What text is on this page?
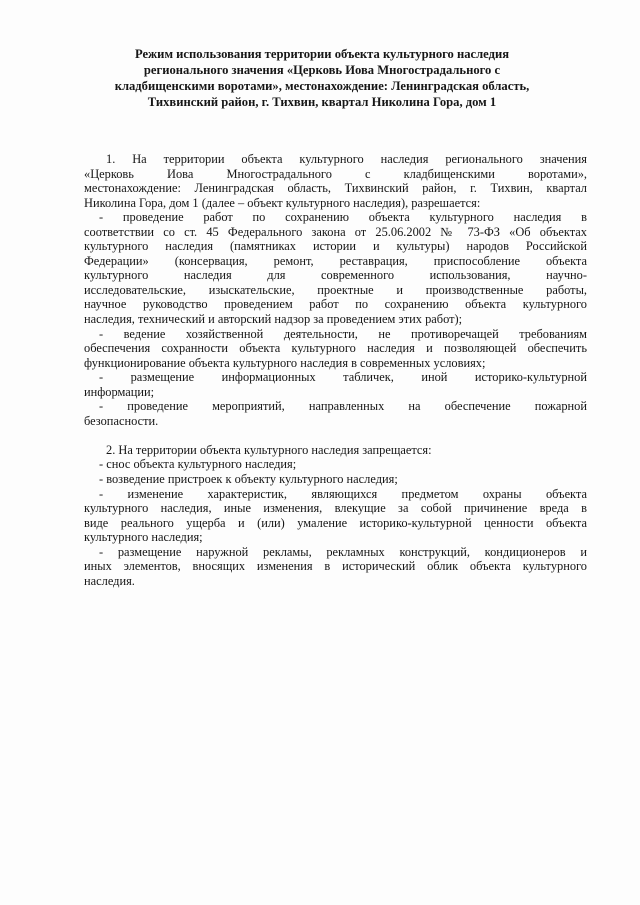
Режим использования территории объекта культурного наследия
регионального значения «Церковь Иова Многострадального с
кладбищенскими воротами», местонахождение: Ленинградская область,
Тихвинский район, г. Тихвин, квартал Николина Гора, дом 1
1. На территории объекта культурного наследия регионального значения
«Церковь Иова Многострадального с кладбищенскими воротами»,
местонахождение: Ленинградская область, Тихвинский район, г. Тихвин, квартал
Николина Гора, дом 1 (далее – объект культурного наследия), разрешается:
- проведение работ по сохранению объекта культурного наследия в
соответствии со ст. 45 Федерального закона от 25.06.2002 № 73-ФЗ «Об объектах
культурного наследия (памятниках истории и культуры) народов Российской
Федерации» (консервация, ремонт, реставрация, приспособление объекта
культурного наследия для современного использования, научно-
исследовательские, изыскательские, проектные и производственные работы,
научное руководство проведением работ по сохранению объекта культурного
наследия, технический и авторский надзор за проведением этих работ);
- ведение хозяйственной деятельности, не противоречащей требованиям
обеспечения сохранности объекта культурного наследия и позволяющей обеспечить
функционирование объекта культурного наследия в современных условиях;
- размещение информационных табличек, иной историко-культурной
информации;
- проведение мероприятий, направленных на обеспечение пожарной
безопасности.
2. На территории объекта культурного наследия запрещается:
- снос объекта культурного наследия;
- возведение пристроек к объекту культурного наследия;
- изменение характеристик, являющихся предметом охраны объекта
культурного наследия, иные изменения, влекущие за собой причинение вреда в
виде реального ущерба и (или) умаление историко-культурной ценности объекта
культурного наследия;
- размещение наружной рекламы, рекламных конструкций, кондиционеров и
иных элементов, вносящих изменения в исторический облик объекта культурного
наследия.
